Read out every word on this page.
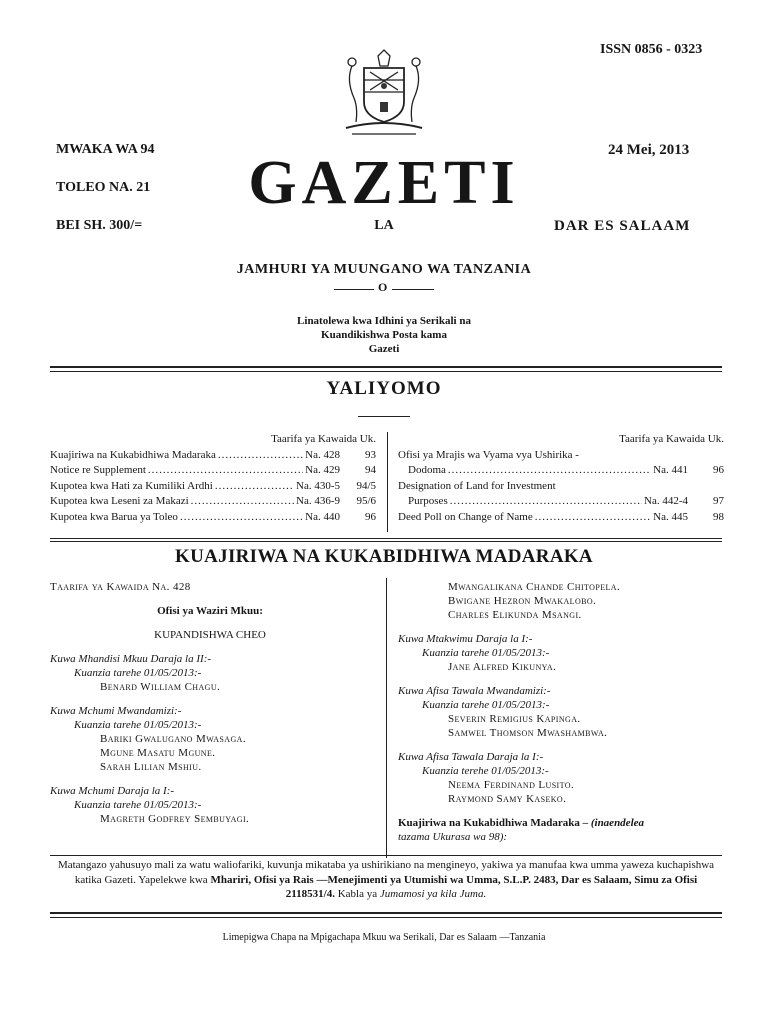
ISSN 0856 - 0323
MWAKA WA 94
TOLEO NA. 21
BEI SH. 300/=
24 Mei, 2013
GAZETI
LA	DAR ES SALAAM
JAMHURI YA MUUNGANO WA TANZANIA
O
Linatolewa kwa Idhini ya Serikali na
Kuandikishwa Posta kama
Gazeti
YALIYOMO
Taarifa ya Kawaida Uk.
Kuajiriwa na Kukabidhiwa Madaraka .....	Na. 428	93
Notice re Supplement .....	Na. 429	94
Kupotea kwa Hati za Kumiliki Ardhi .....	Na. 430-5	94/5
Kupotea kwa Leseni za Makazi .....	Na. 436-9	95/6
Kupotea kwa Barua ya Toleo .....	Na. 440	96
Taarifa ya Kawaida Uk.
Ofisi ya Mrajis wa Vyama vya Ushirika -
Dodoma .....	Na. 441	96
Designation of Land for Investment
Purposes .....	Na. 442-4	97
Deed Poll on Change of Name .....	Na. 445	98
KUAJIRIWA NA KUKABIDHIWA MADARAKA

Taarifa ya Kawaida Na. 428

Ofisi ya Waziri Mkuu:

KUPANDISHWA CHEO

Kuwa Mhandisi Mkuu Daraja la II:-

Kuanzia tarehe 01/05/2013:-

Benard William Chagu.

Kuwa Mchumi Mwandamizi:-

Kuanzia tarehe 01/05/2013:-

Bariki Gwalugano Mwasaga.

Mgune Masatu Mgune.

Sarah Lilian Mshiu.

Kuwa Mchumi Daraja la I:-

Kuanzia tarehe 01/05/2013:-

Magreth Godfrey Sembuyagi.

Mwangalikana Chande Chitopela.

Bwigane Hezron Mwakalobo.

Charles Elikunda Msangi.

Kuwa Mtakwimu Daraja la I:-

Kuanzia tarehe 01/05/2013:-

Jane Alfred Kikunya.

Kuwa Afisa Tawala Mwandamizi:-

Kuanzia tarehe 01/05/2013:-

Severin Remigius Kapinga.

Samwel Thomson Mwashambwa.

Kuwa Afisa Tawala Daraja la I:-

Kuanzia terehe 01/05/2013:-

Neema Ferdinand Lusito.

Raymond Samy Kaseko.

Kuajiriwa na Kukabidhiwa Madaraka – (inaendelea

tazama Ukurasa wa 98):

Matangazo yahusuyo mali za watu waliofariki, kuvunja mikataba ya ushirikiano na mengineyo, yakiwa ya manufaa kwa umma yaweza kuchapishwa katika Gazeti. Yapelekwe kwa Mhariri, Ofisi ya Rais —Menejimenti ya Utumishi wa Umma, S.L.P. 2483, Dar es Salaam, Simu za Ofisi 2118531/4. Kabla ya Jumamosi ya kila Juma.
Limepigwa Chapa na Mpigachapa Mkuu wa Serikali, Dar es Salaam —Tanzania
